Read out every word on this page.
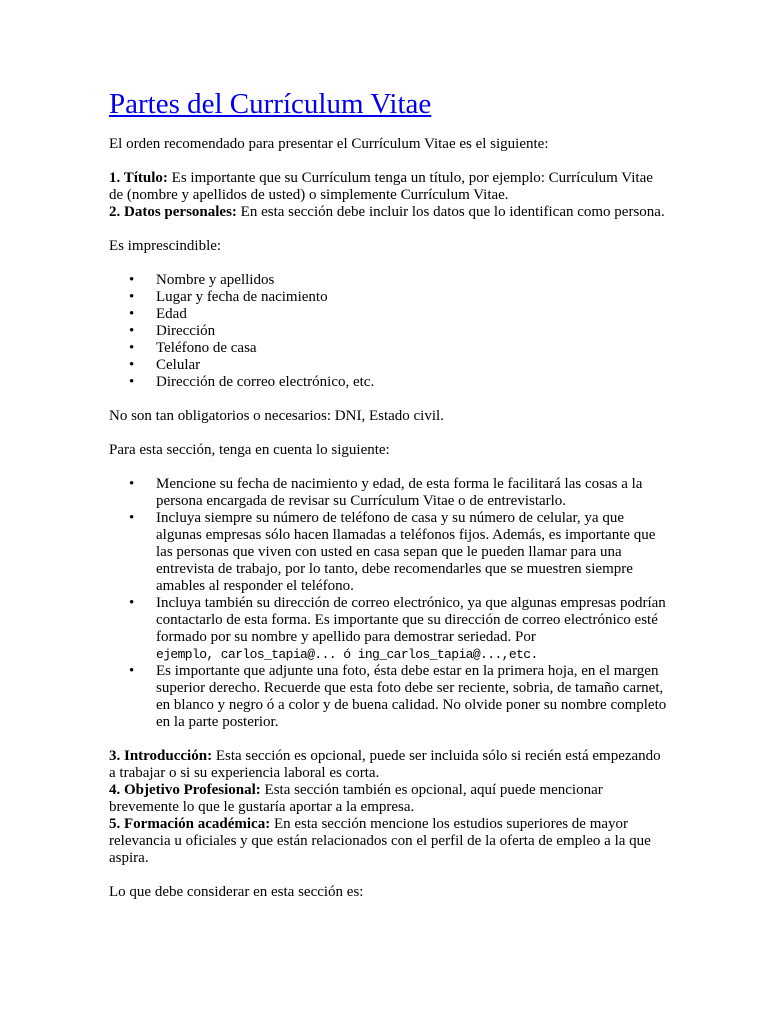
Partes del Currículum Vitae

El orden recomendado para presentar el Currículum Vitae es el siguiente:

1. Título: Es importante que su Currículum tenga un título, por ejemplo: Currículum Vitae de (nombre y apellidos de usted) o simplemente Currículum Vitae.

2. Datos personales: En esta sección debe incluir los datos que lo identifican como persona.

Es imprescindible:

• Nombre y apellidos
• Lugar y fecha de nacimiento
• Edad
• Dirección
• Teléfono de casa
• Celular
• Dirección de correo electrónico, etc.

No son tan obligatorios o necesarios: DNI, Estado civil.

Para esta sección, tenga en cuenta lo siguiente:

• Mencione su fecha de nacimiento y edad, de esta forma le facilitará las cosas a la persona encargada de revisar su Currículum Vitae o de entrevistarlo.
• Incluya siempre su número de teléfono de casa y su número de celular, ya que algunas empresas sólo hacen llamadas a teléfonos fijos. Además, es importante que las personas que viven con usted en casa sepan que le pueden llamar para una entrevista de trabajo, por lo tanto, debe recomendarles que se muestren siempre amables al responder el teléfono.
• Incluya también su dirección de correo electrónico, ya que algunas empresas podrían contactarlo de esta forma. Es importante que su dirección de correo electrónico esté formado por su nombre y apellido para demostrar seriedad. Por
ejemplo, carlos_tapia@... ó ing_carlos_tapia@...,etc.
• Es importante que adjunte una foto, ésta debe estar en la primera hoja, en el margen superior derecho. Recuerde que esta foto debe ser reciente, sobria, de tamaño carnet, en blanco y negro ó a color y de buena calidad. No olvide poner su nombre completo en la parte posterior.

3. Introducción: Esta sección es opcional, puede ser incluida sólo si recién está empezando a trabajar o si su experiencia laboral es corta.

4. Objetivo Profesional: Esta sección también es opcional, aquí puede mencionar brevemente lo que le gustaría aportar a la empresa.

5. Formación académica: En esta sección mencione los estudios superiores de mayor relevancia u oficiales y que están relacionados con el perfil de la oferta de empleo a la que aspira.

Lo que debe considerar en esta sección es:
